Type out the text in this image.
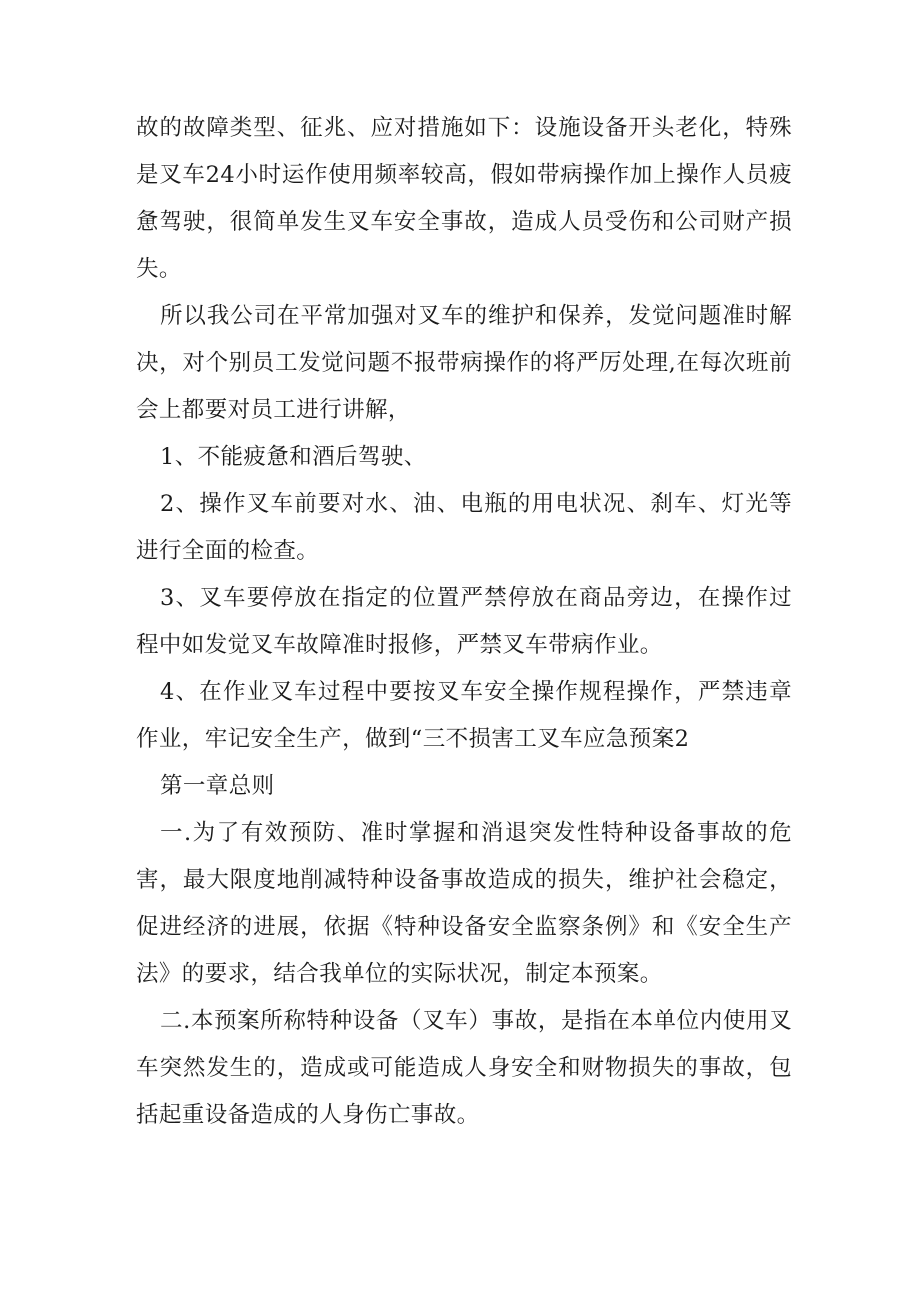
故的故障类型、征兆、应对措施如下：设施设备开头老化，特殊是叉车24小时运作使用频率较高，假如带病操作加上操作人员疲惫驾驶，很简单发生叉车安全事故，造成人员受伤和公司财产损失。

所以我公司在平常加强对叉车的维护和保养，发觉问题准时解决，对个别员工发觉问题不报带病操作的将严厉处理,在每次班前会上都要对员工进行讲解，

1、不能疲惫和酒后驾驶、

2、操作叉车前要对水、油、电瓶的用电状况、刹车、灯光等进行全面的检查。

3、叉车要停放在指定的位置严禁停放在商品旁边，在操作过程中如发觉叉车故障准时报修，严禁叉车带病作业。

4、在作业叉车过程中要按叉车安全操作规程操作，严禁违章作业，牢记安全生产，做到“三不损害工叉车应急预案2

第一章总则

一.为了有效预防、准时掌握和消退突发性特种设备事故的危害，最大限度地削减特种设备事故造成的损失，维护社会稳定，促进经济的进展，依据《特种设备安全监察条例》和《安全生产法》的要求，结合我单位的实际状况，制定本预案。

二.本预案所称特种设备（叉车）事故，是指在本单位内使用叉车突然发生的，造成或可能造成人身安全和财物损失的事故，包括起重设备造成的人身伤亡事故。
